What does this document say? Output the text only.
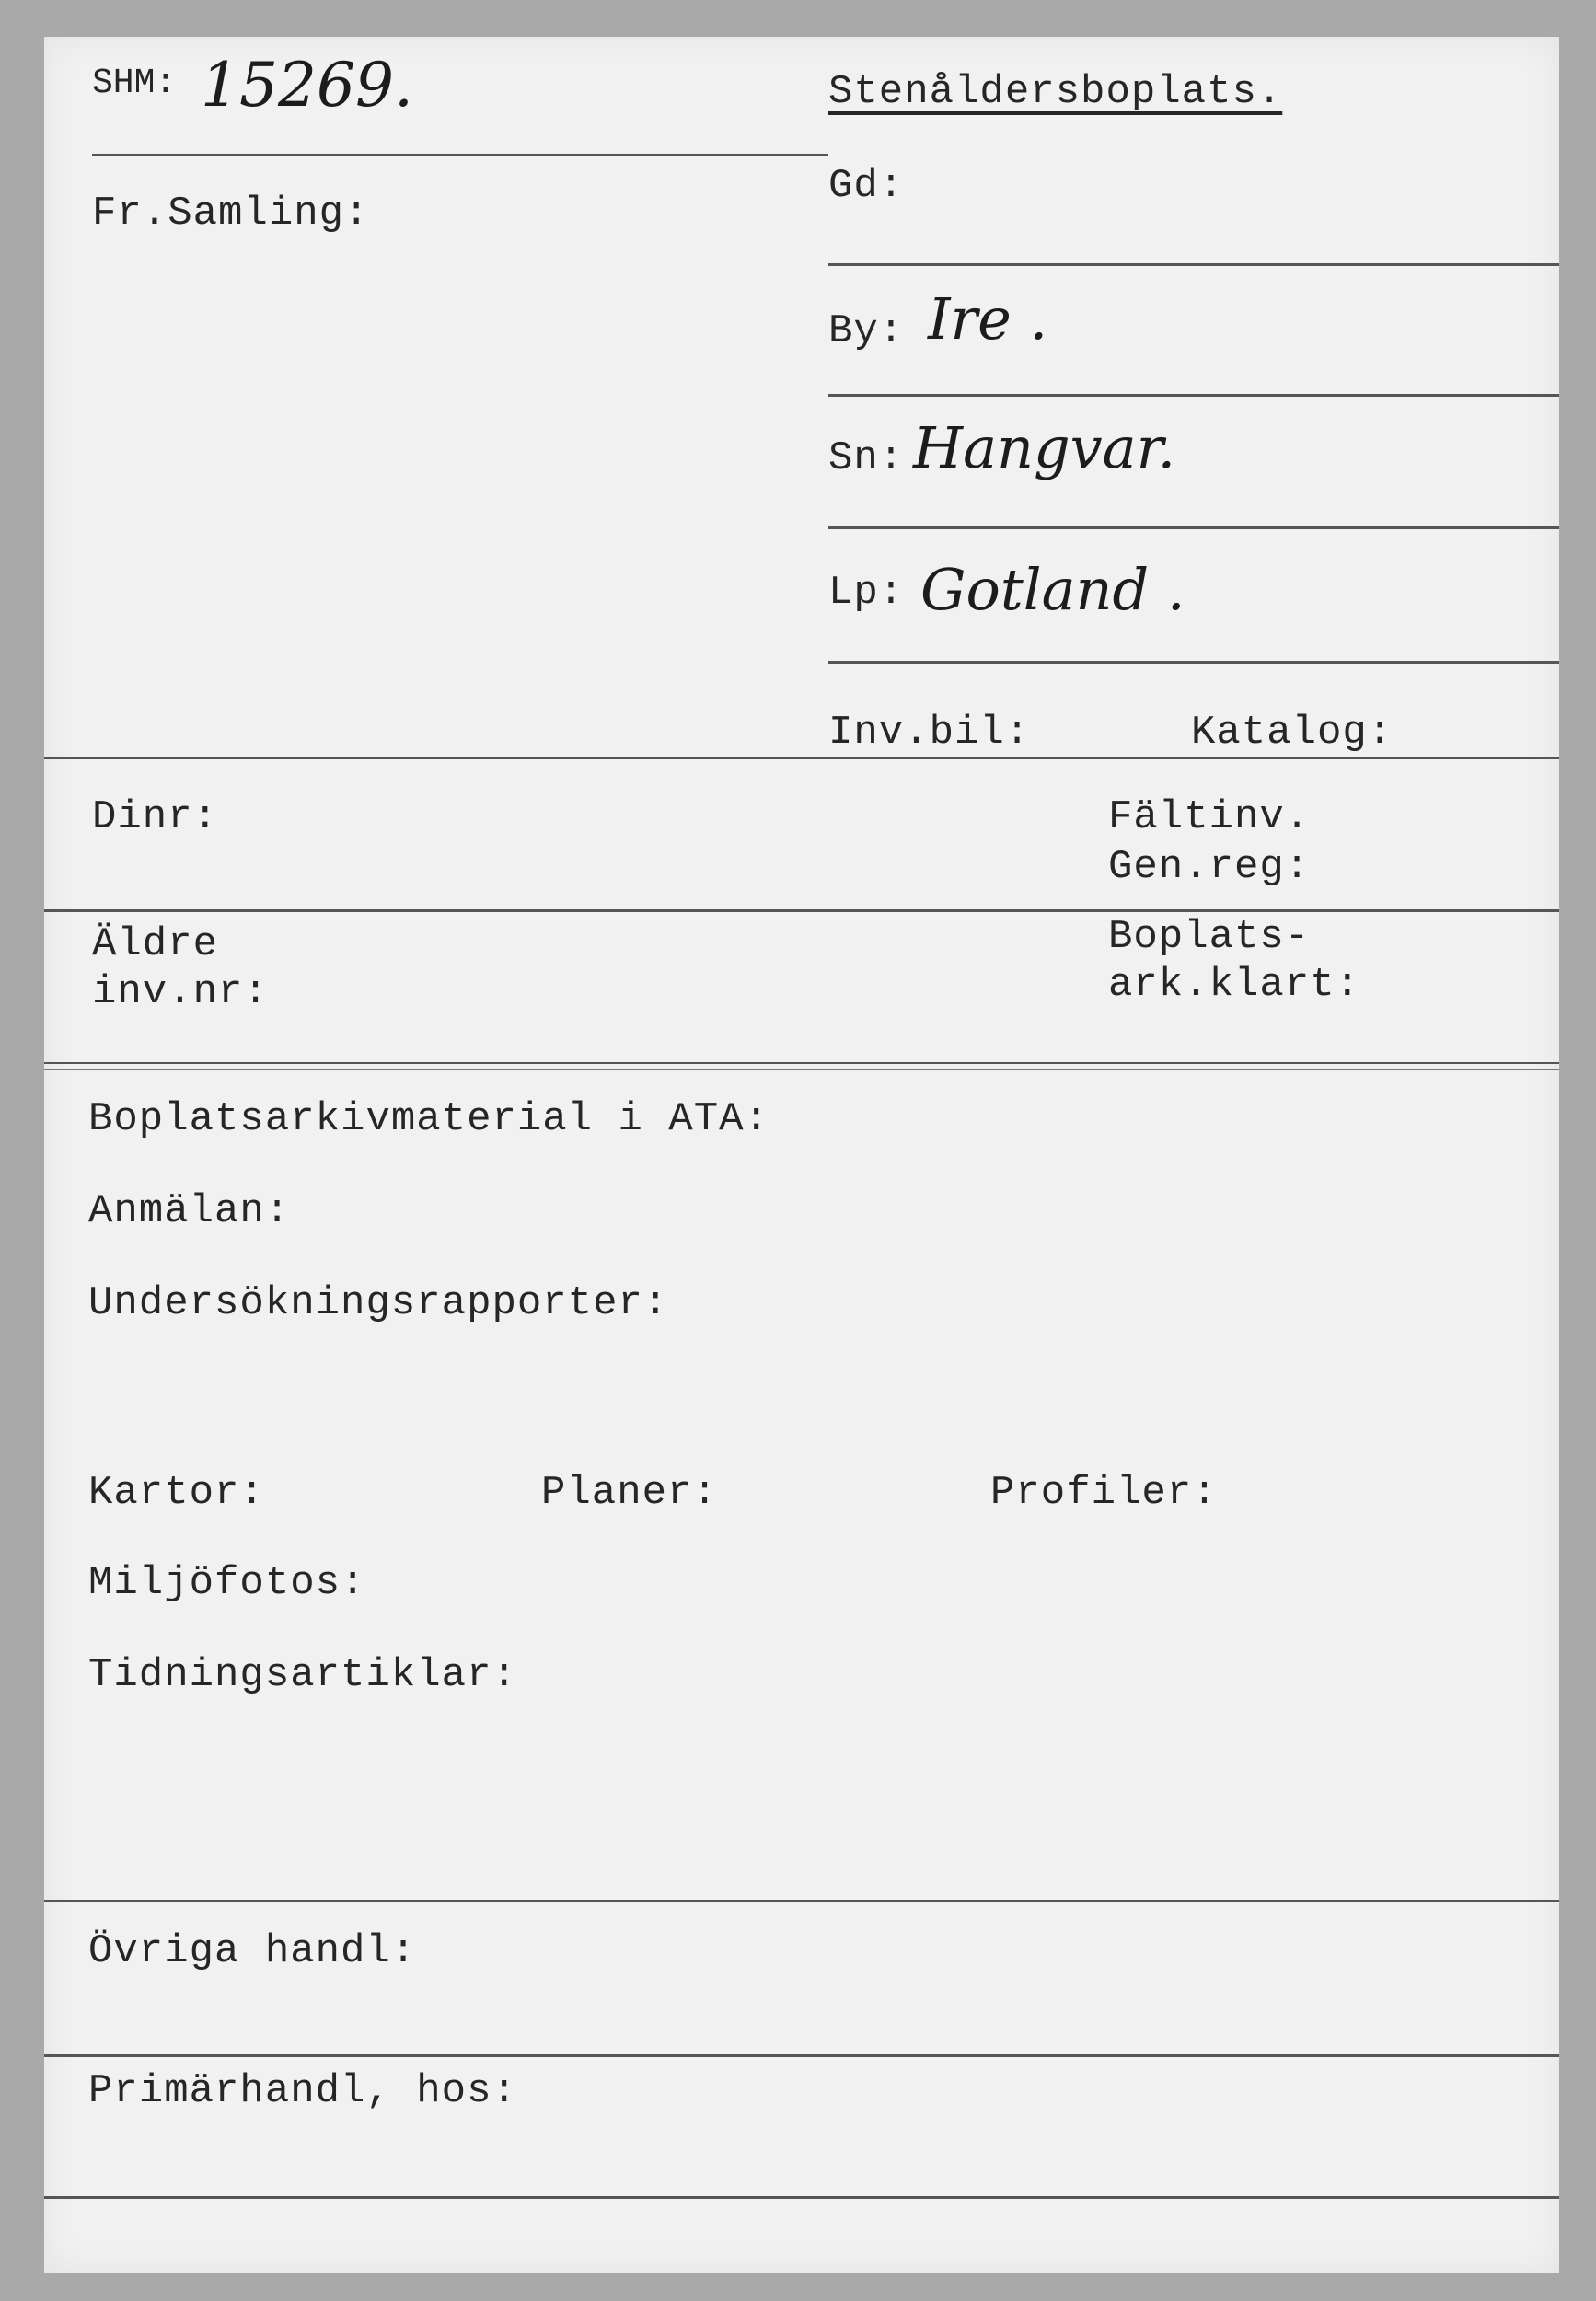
SHM: 15269.	Stenåldersboplats.
Fr.Samling:
Gd:
By: Ire .
Sn: Hangvar.
Lp: Gotland .
Inv.bil:	Katalog:
Dinr:	Fältinv.
Gen.reg:
Äldre
inv.nr:
Boplats-
ark.klart:
Boplatsarkivmaterial i ATA:
Anmälan:
Undersökningsrapporter:
Kartor:	Planer:	Profiler:
Miljöfotos:
Tidningsartiklar:
Övriga handl:
Primärhandl, hos:
